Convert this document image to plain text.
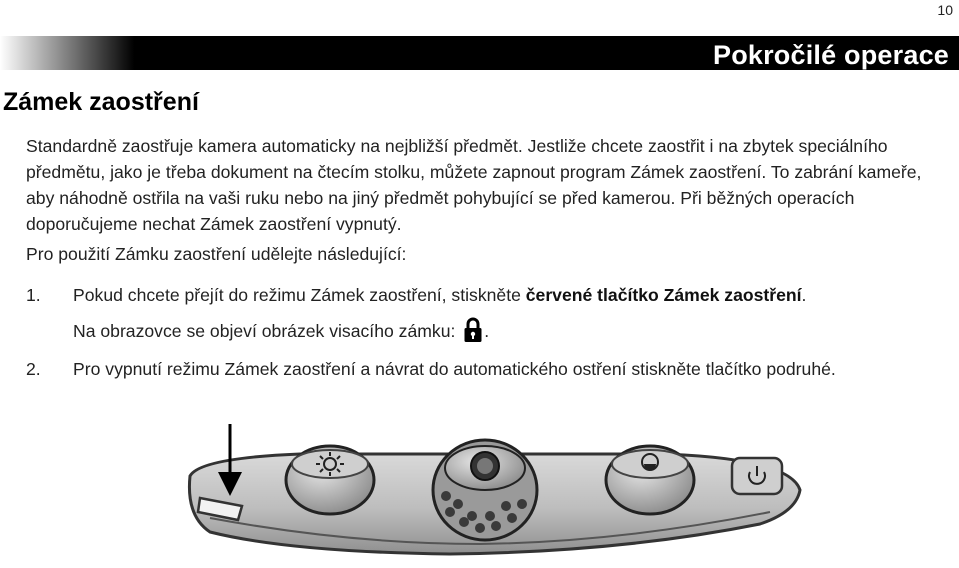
10
Pokročilé operace
Zámek zaostření
Standardně zaostřuje kamera automaticky na nejbližší předmět. Jestliže chcete zaostřit i na zbytek speciálního předmětu, jako je třeba dokument na čtecím stolku, můžete zapnout program Zámek zaostření. To zabrání kameře, aby náhodně ostřila na vaši ruku nebo na jiný předmět pohybující se před kamerou. Při běžných operacích doporučujeme nechat Zámek zaostření vypnutý.
Pro použití Zámku zaostření udělejte následující:
1. Pokud chcete přejít do režimu Zámek zaostření, stiskněte červené tlačítko Zámek zaostření.
Na obrazovce se objeví obrázek visacího zámku: .
2. Pro vypnutí režimu Zámek zaostření a návrat do automatického ostření stiskněte tlačítko podruhé.
